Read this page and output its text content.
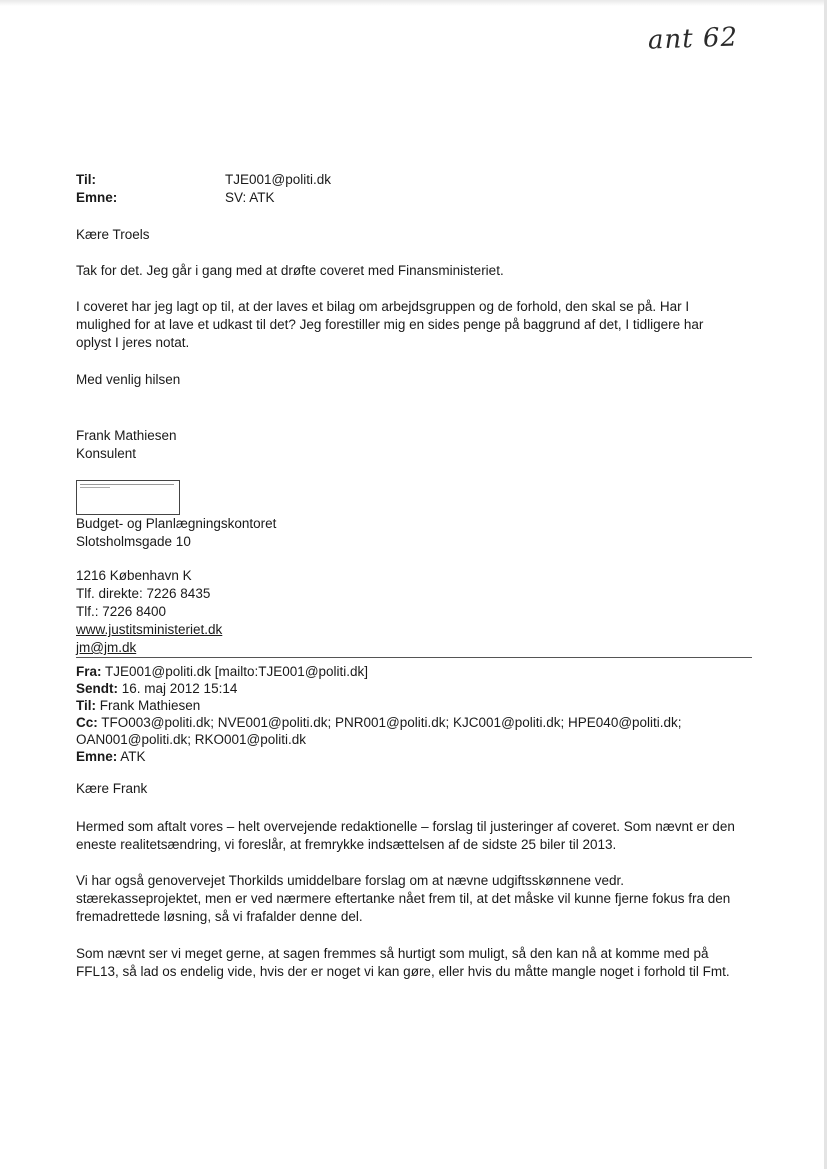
ant 62
Til:	TJE001@politi.dk
Emne:	SV: ATK
Kære Troels
Tak for det. Jeg går i gang med at drøfte coveret med Finansministeriet.
I coveret har jeg lagt op til, at der laves et bilag om arbejdsgruppen og de forhold, den skal se på. Har I
mulighed for at lave et udkast til det? Jeg forestiller mig en sides penge på baggrund af det, I tidligere har
oplyst I jeres notat.
Med venlig hilsen
Frank Mathiesen
Konsulent
Budget- og Planlægningskontoret
Slotsholmsgade 10
1216 København K
Tlf. direkte: 7226 8435
Tlf.: 7226 8400
www.justitsministeriet.dk
jm@jm.dk
Fra: TJE001@politi.dk [mailto:TJE001@politi.dk]
Sendt: 16. maj 2012 15:14
Til: Frank Mathiesen
Cc: TFO003@politi.dk; NVE001@politi.dk; PNR001@politi.dk; KJC001@politi.dk; HPE040@politi.dk;
OAN001@politi.dk; RKO001@politi.dk
Emne: ATK
Kære Frank
Hermed som aftalt vores – helt overvejende redaktionelle – forslag til justeringer af coveret. Som nævnt er den
eneste realitetsændring, vi foreslår, at fremrykke indsættelsen af de sidste 25 biler til 2013.
Vi har også genovervejet Thorkilds umiddelbare forslag om at nævne udgiftsskønnene vedr.
stærekasseprojektet, men er ved nærmere eftertanke nået frem til, at det måske vil kunne fjerne fokus fra den
fremadrettede løsning, så vi frafalder denne del.
Som nævnt ser vi meget gerne, at sagen fremmes så hurtigt som muligt, så den kan nå at komme med på
FFL13, så lad os endelig vide, hvis der er noget vi kan gøre, eller hvis du måtte mangle noget i forhold til Fmt.
